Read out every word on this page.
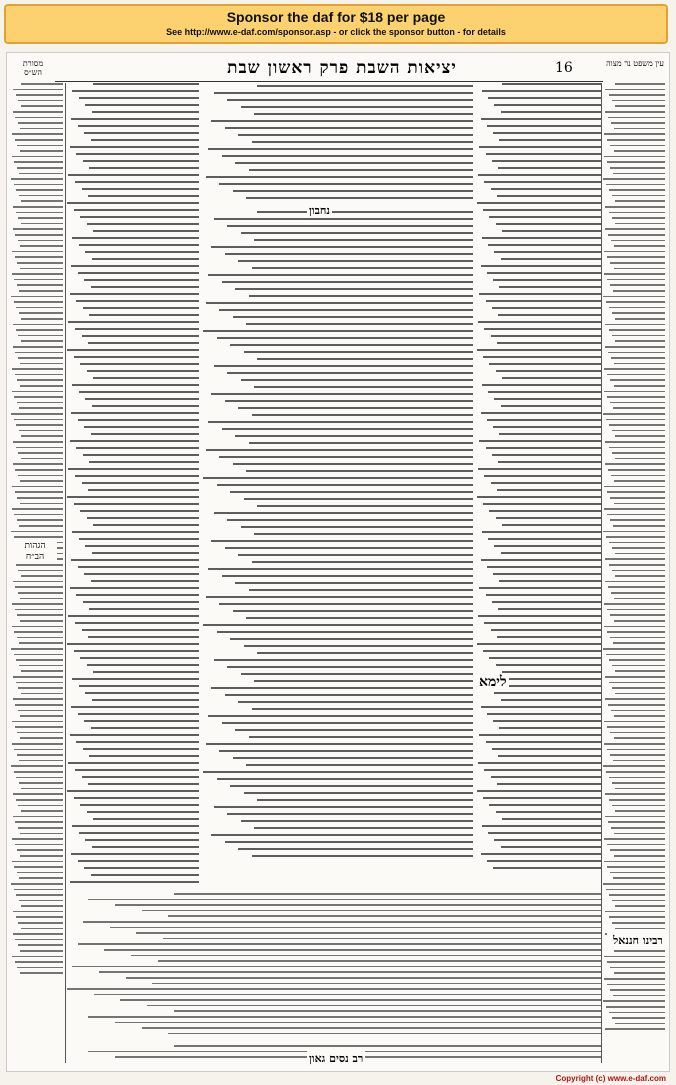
Sponsor the daf for $18 per page
See http://www.e-daf.com/sponsor.asp - or click the sponsor button - for details
מסורת הש״ס	יציאות השבת פרק ראשון שבת	16	עין משפט נר מצוה
נחבון
לימא
הגהות הב״ח
רבינו חננאל
רב נסים גאון
Copyright (c) www.e-daf.com
